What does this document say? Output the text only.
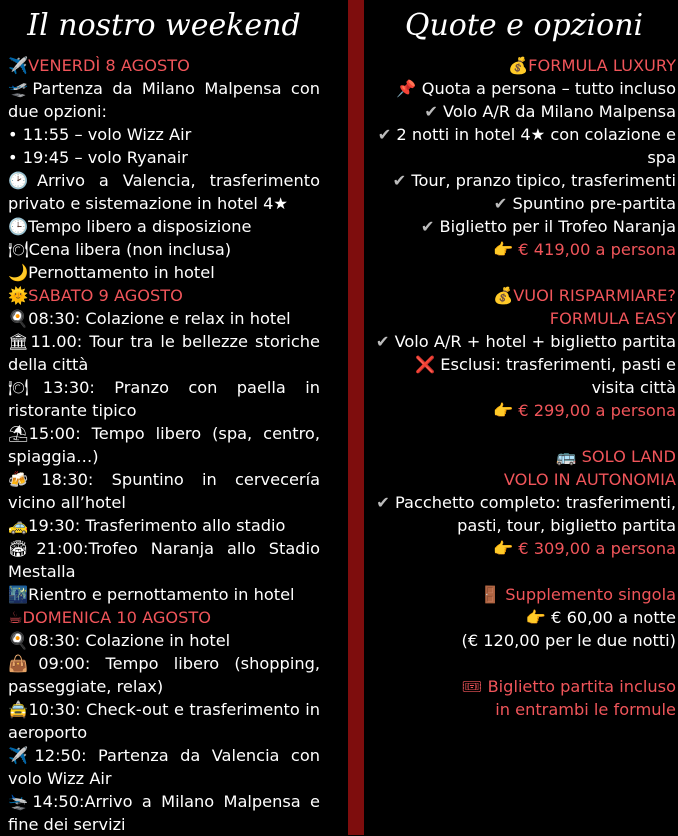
Il nostro weekend
✈️VENERDÌ 8 AGOSTO
🛫Partenza da Milano Malpensa con due opzioni:
• 11:55 – volo Wizz Air
• 19:45 – volo Ryanair
🕑Arrivo a Valencia, trasferimento privato e sistemazione in hotel 4★
🕒Tempo libero a disposizione
🍽Cena libera (non inclusa)
🌙Pernottamento in hotel
🌞SABATO 9 AGOSTO
🍳08:30: Colazione e relax in hotel
🏛11.00: Tour tra le bellezze storiche della città
🍽13:30: Pranzo con paella in ristorante tipico
⛱15:00: Tempo libero (spa, centro, spiaggia…)
🍻18:30: Spuntino in cervecería vicino all’hotel
🚕19:30: Trasferimento allo stadio
🏟21:00:Trofeo Naranja allo Stadio Mestalla
🌃Rientro e pernottamento in hotel
☕DOMENICA 10 AGOSTO
🍳08:30: Colazione in hotel
👜09:00: Tempo libero (shopping, passeggiate, relax)
🚖10:30: Check-out e trasferimento in aeroporto
✈️12:50: Partenza da Valencia con volo Wizz Air
🛬14:50:Arrivo a Milano Malpensa e fine dei servizi
Quote e opzioni
💰FORMULA LUXURY
📌 Quota a persona – tutto incluso
✔ Volo A/R da Milano Malpensa
✔ 2 notti in hotel 4★ con colazione e spa
✔ Tour, pranzo tipico, trasferimenti
✔ Spuntino pre-partita
✔ Biglietto per il Trofeo Naranja
👉 € 419,00 a persona
💰VUOI RISPARMIARE?
FORMULA EASY
✔ Volo A/R + hotel + biglietto partita
❌ Esclusi: trasferimenti, pasti e visita città
👉 € 299,00 a persona
🚌 SOLO LAND
VOLO IN AUTONOMIA
✔ Pacchetto completo: trasferimenti, pasti, tour, biglietto partita
👉 € 309,00 a persona
🚪 Supplemento singola
👉 € 60,00 a notte
(€ 120,00 per le due notti)
🎟 Biglietto partita incluso
in entrambi le formule
